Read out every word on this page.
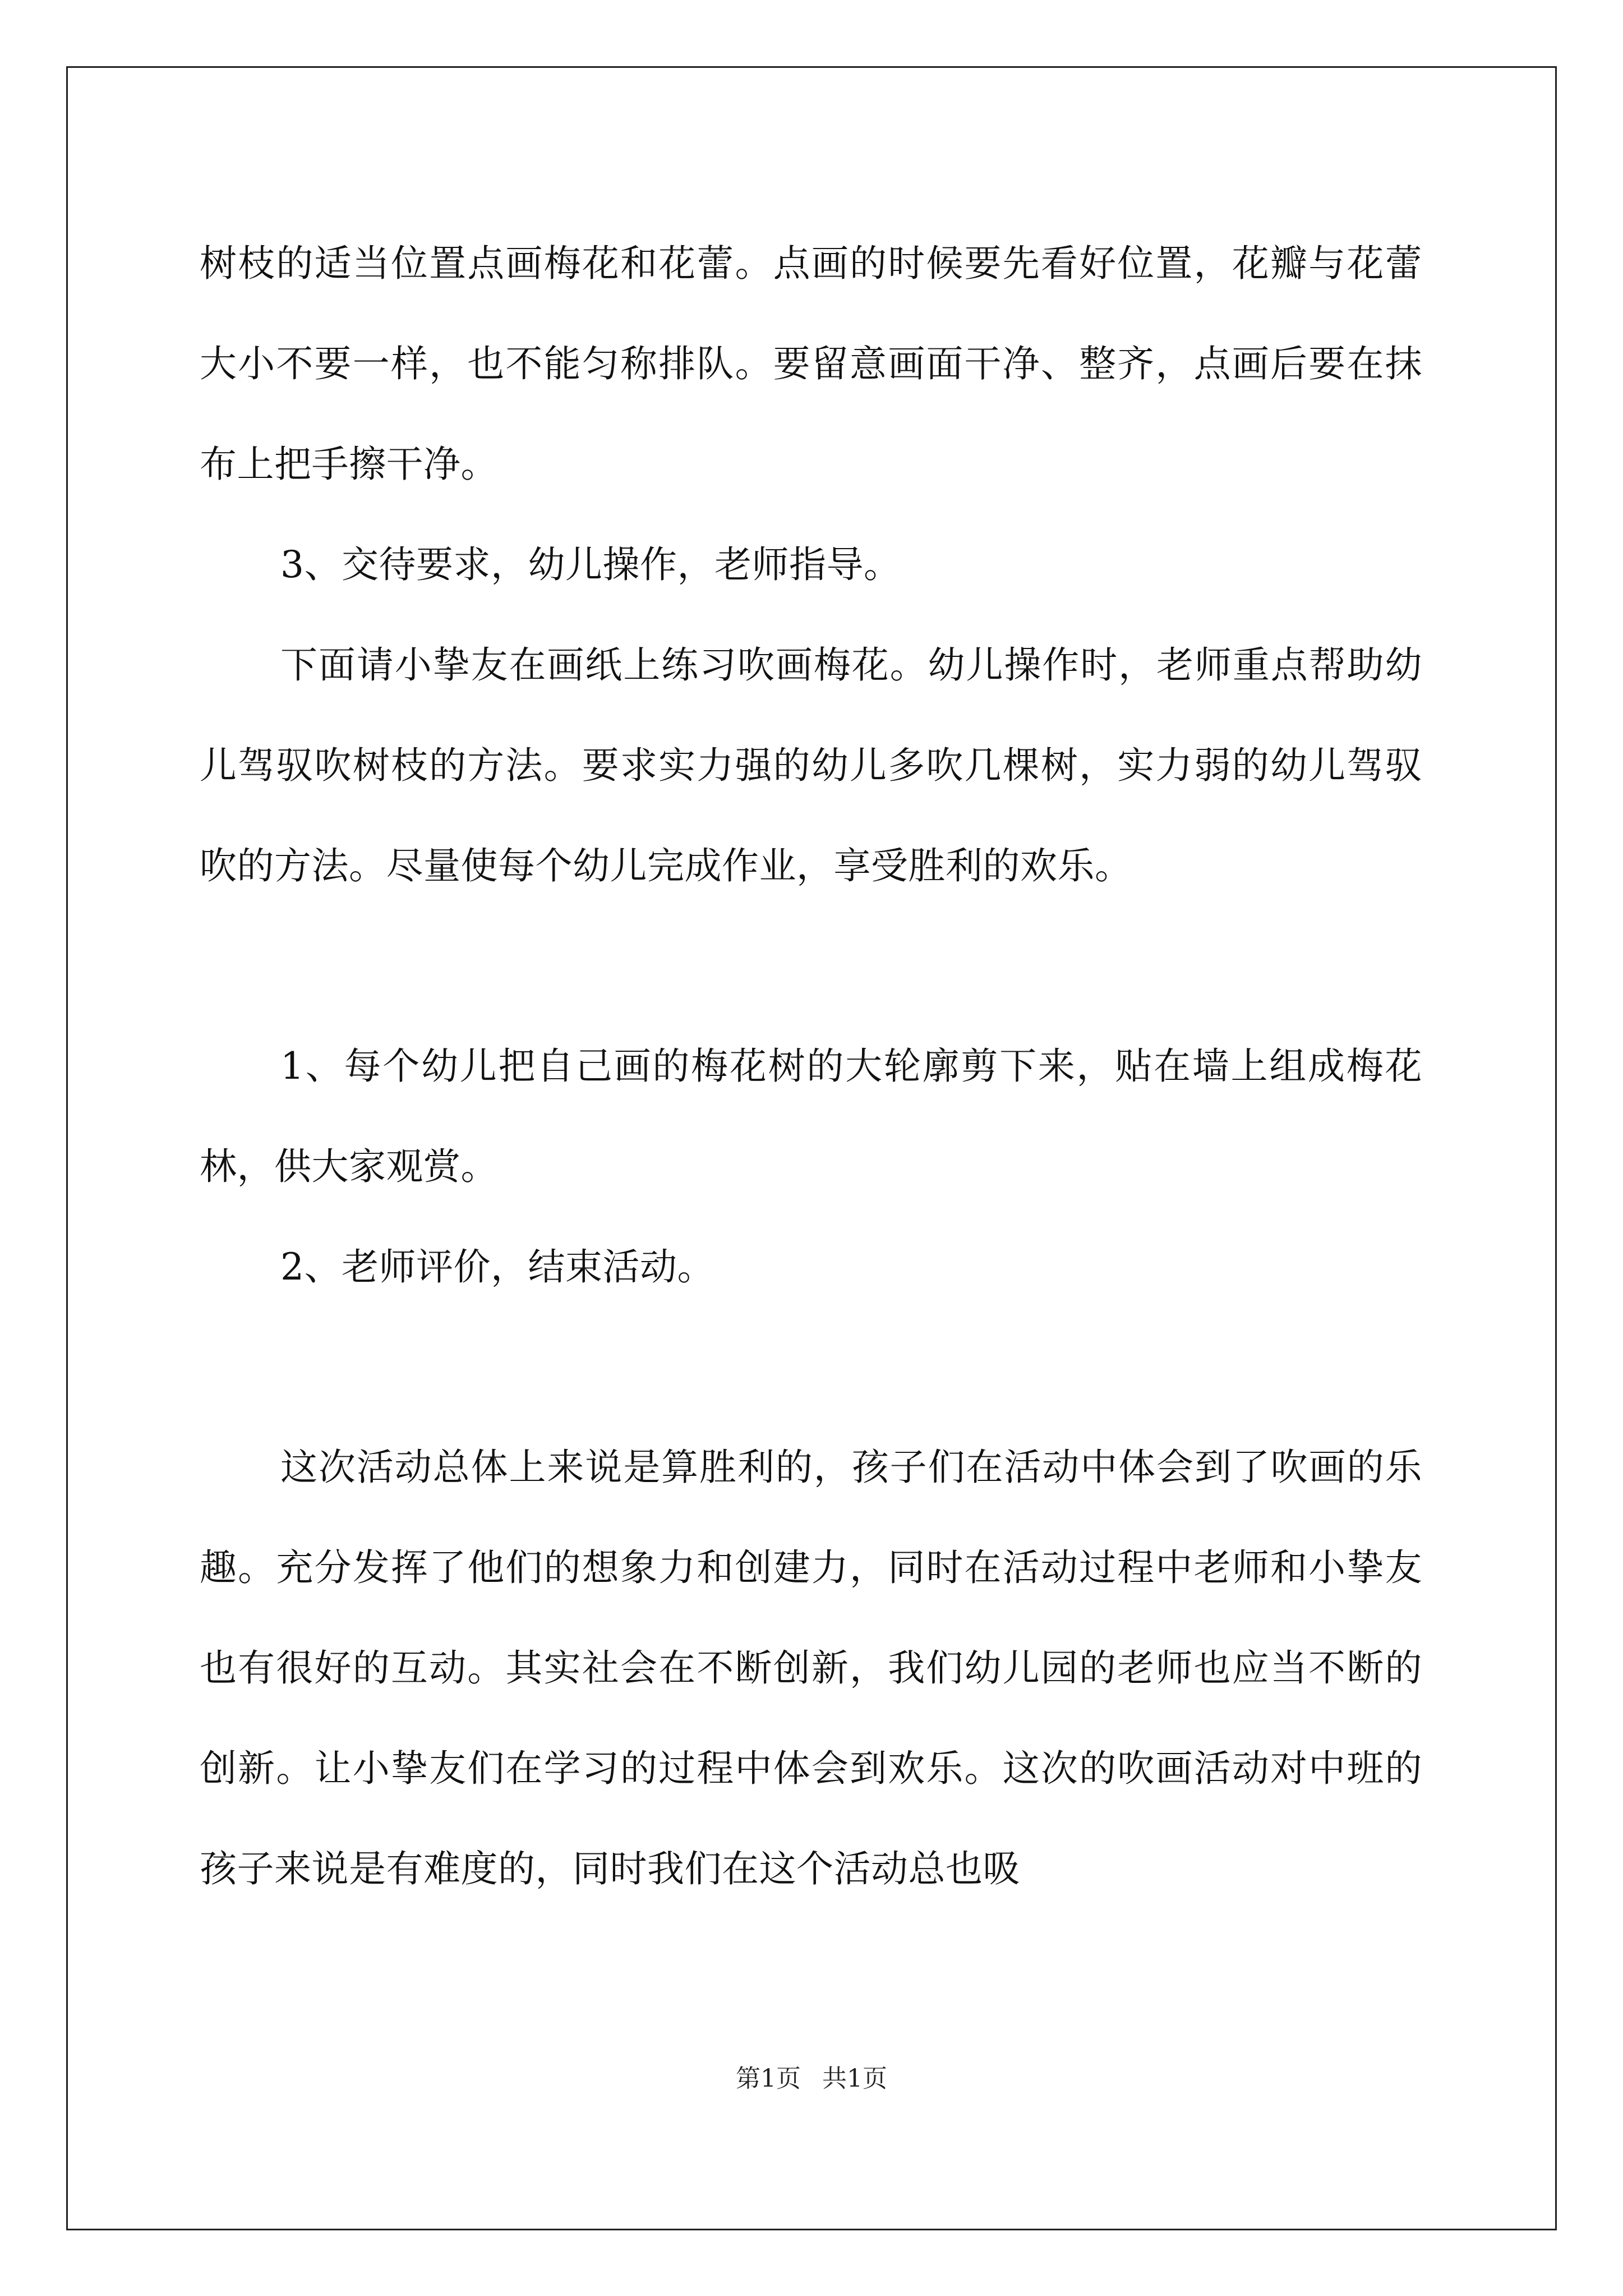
树枝的适当位置点画梅花和花蕾。点画的时候要先看好位置，花瓣与花蕾大小不要一样，也不能匀称排队。要留意画面干净、整齐，点画后要在抹布上把手擦干净。

3、交待要求，幼儿操作，老师指导。

下面请小挚友在画纸上练习吹画梅花。幼儿操作时，老师重点帮助幼儿驾驭吹树枝的方法。要求实力强的幼儿多吹几棵树，实力弱的幼儿驾驭吹的方法。尽量使每个幼儿完成作业，享受胜利的欢乐。

1、每个幼儿把自己画的梅花树的大轮廓剪下来，贴在墙上组成梅花林，供大家观赏。

2、老师评价，结束活动。

这次活动总体上来说是算胜利的，孩子们在活动中体会到了吹画的乐趣。充分发挥了他们的想象力和创建力，同时在活动过程中老师和小挚友也有很好的互动。其实社会在不断创新，我们幼儿园的老师也应当不断的创新。让小挚友们在学习的过程中体会到欢乐。这次的吹画活动对中班的孩子来说是有难度的，同时我们在这个活动总也吸

第1页 共1页
